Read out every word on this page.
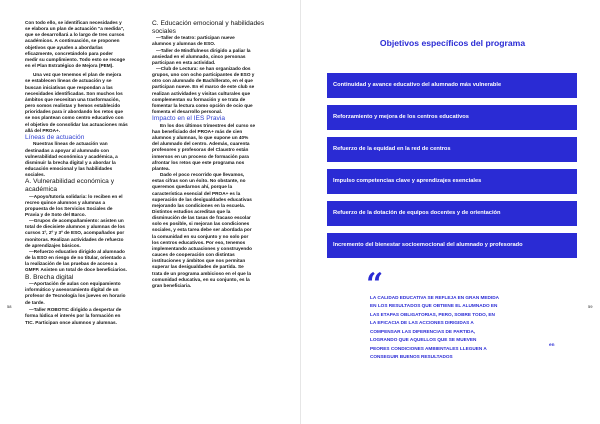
Con todo ello, se identifican necesidades y

se elabora un plan de actuación "a medida",

que se desarrollará a lo largo de tres cursos

académicos. A continuación, se proponen

objetivos que ayuden a abordarlas

eficazmente, concretándolo para poder

medir su cumplimiento. Todo esto se recoge

en el Plan Estratégico de Mejora (PEM).

Una vez que tenemos el plan de mejora

se establecen líneas de actuación y se

buscan iniciativas que respondan a las

necesidades identificadas. Son muchos los

ámbitos que necesitan una trasformación,

pero somos realistas y hemos establecido

prioridades para ir abordando los retos que

se nos plantean como centro educativo con

el objetivo de consolidar las actuaciones más

allá del PROA+.

Líneas de actuación

Nuestras líneas de actuación van

destinadas a apoyar al alumnado con

vulnerabilidad económica y académica, a

disminuir la brecha digital y a abordar la

educación emocional y las habilidades

sociales.

A. Vulnerabilidad económica y académica

—Apoyo/tutoría solidaria: lo reciben en el

recreo quince alumnos y alumnas a

propuesta de los Servicios Sociales de

Pravia y de Soto del Barco.

—Grupos de acompañamiento: asisten un

total de diecisiete alumnos y alumnas de los

cursos 1º, 2º y 3º de ESO, acompañados por

monitoras. Realizan actividades de refuerzo

de aprendizajes básicos.

—Refuerzo educativo dirigido al alumnado

de la ESO en riesgo de no titular, orientado a

la realización de las pruebas de acceso a

GMFP. Asisten un total de doce beneficiarios.

B. Brecha digital

—Aportación de aulas con equipamiento

informático y asesoramiento digital de un

profesor de Tecnología los jueves en horario

de tarde.

—Taller ROBOTIC dirigido a despertar de

forma lúdica el interés por la formación en

TIC. Participan once alumnos y alumnas.

C. Educación emocional y habilidades sociales

—Taller de teatro: participan nueve

alumnos y alumnas de ESO.

—Taller de Mindfulness dirigido a paliar la

ansiedad en el alumnado, cinco personas

participan en esta actividad.

—Club de Lectura: se han organizado dos

grupos, uno con ocho participantes de ESO y

otro con alumnado de Bachillerato, en el que

participan nueve. En el marco de este club se

realizan actividades y visitas culturales que

complementan su formación y se trata de

fomentar la lectura como opción de ocio que

fomenta el desarrollo personal.

Impacto en el IES Pravia

En los dos últimos trimestres del curso se

han beneficiado del PROA+ más de cien

alumnos y alumnas, lo que supone un 40%

del alumnado del centro. Además, cuarenta

profesores y profesoras del Claustro están

inmersos en un proceso de formación para

afrontar los retos que este programa nos

plantea.

Dado el poco recorrido que llevamos,

estas cifras son un éxito. No obstante, no

queremos quedarnos ahí, porque la

característica esencial del PROA+ es la

superación de las desigualdades educativas

mejorando las condiciones en la escuela.

Distintos estudios acreditan que la

disminución de las tasas de fracaso escolar

solo es posible, si mejoran las condiciones

sociales, y esta tarea debe ser abordada por

la comunidad en su conjunto y no solo por

los centros educativos. Por eso, tenemos

implementando actuaciones y construyendo

cauces de cooperación con distintas

instituciones y ámbitos que nos permitan

superar las desigualdades de partida. Se

trata de un programa ambicioso en el que la

comunidad educativa, en su conjunto, es la

gran beneficiaria.

58
Objetivos específicos del programa
Continuidad y avance educativo del alumnado más vulnerable
Reforzamiento y mejora de los centros educativos
Refuerzo de la equidad en la red de centros
Impulso competencias clave y aprendizajes esenciales
Refuerzo de la dotación de equipos docentes y de orientación
Incremento del bienestar socioemocional del alumnado y profesorado
“

LA CALIDAD EDUCATIVA SE REFLEJA EN GRAN MEDIDA

EN LOS RESULTADOS QUE OBTIENE EL ALUMNADO EN

LAS ETAPAS OBLIGATORIAS, PERO, SOBRE TODO, EN

LA EFICACIA DE LAS ACCIONES DIRIGIDAS A

COMPENSAR LAS DIFERENCIAS DE PARTIDA,

LOGRANDO QUE AQUELLOS QUE SE MUEVEN

PEORES CONDICIONES AMBIENTALES LLEGUEN A

CONSEGUIR BUENOS RESULTADOS

en
59
